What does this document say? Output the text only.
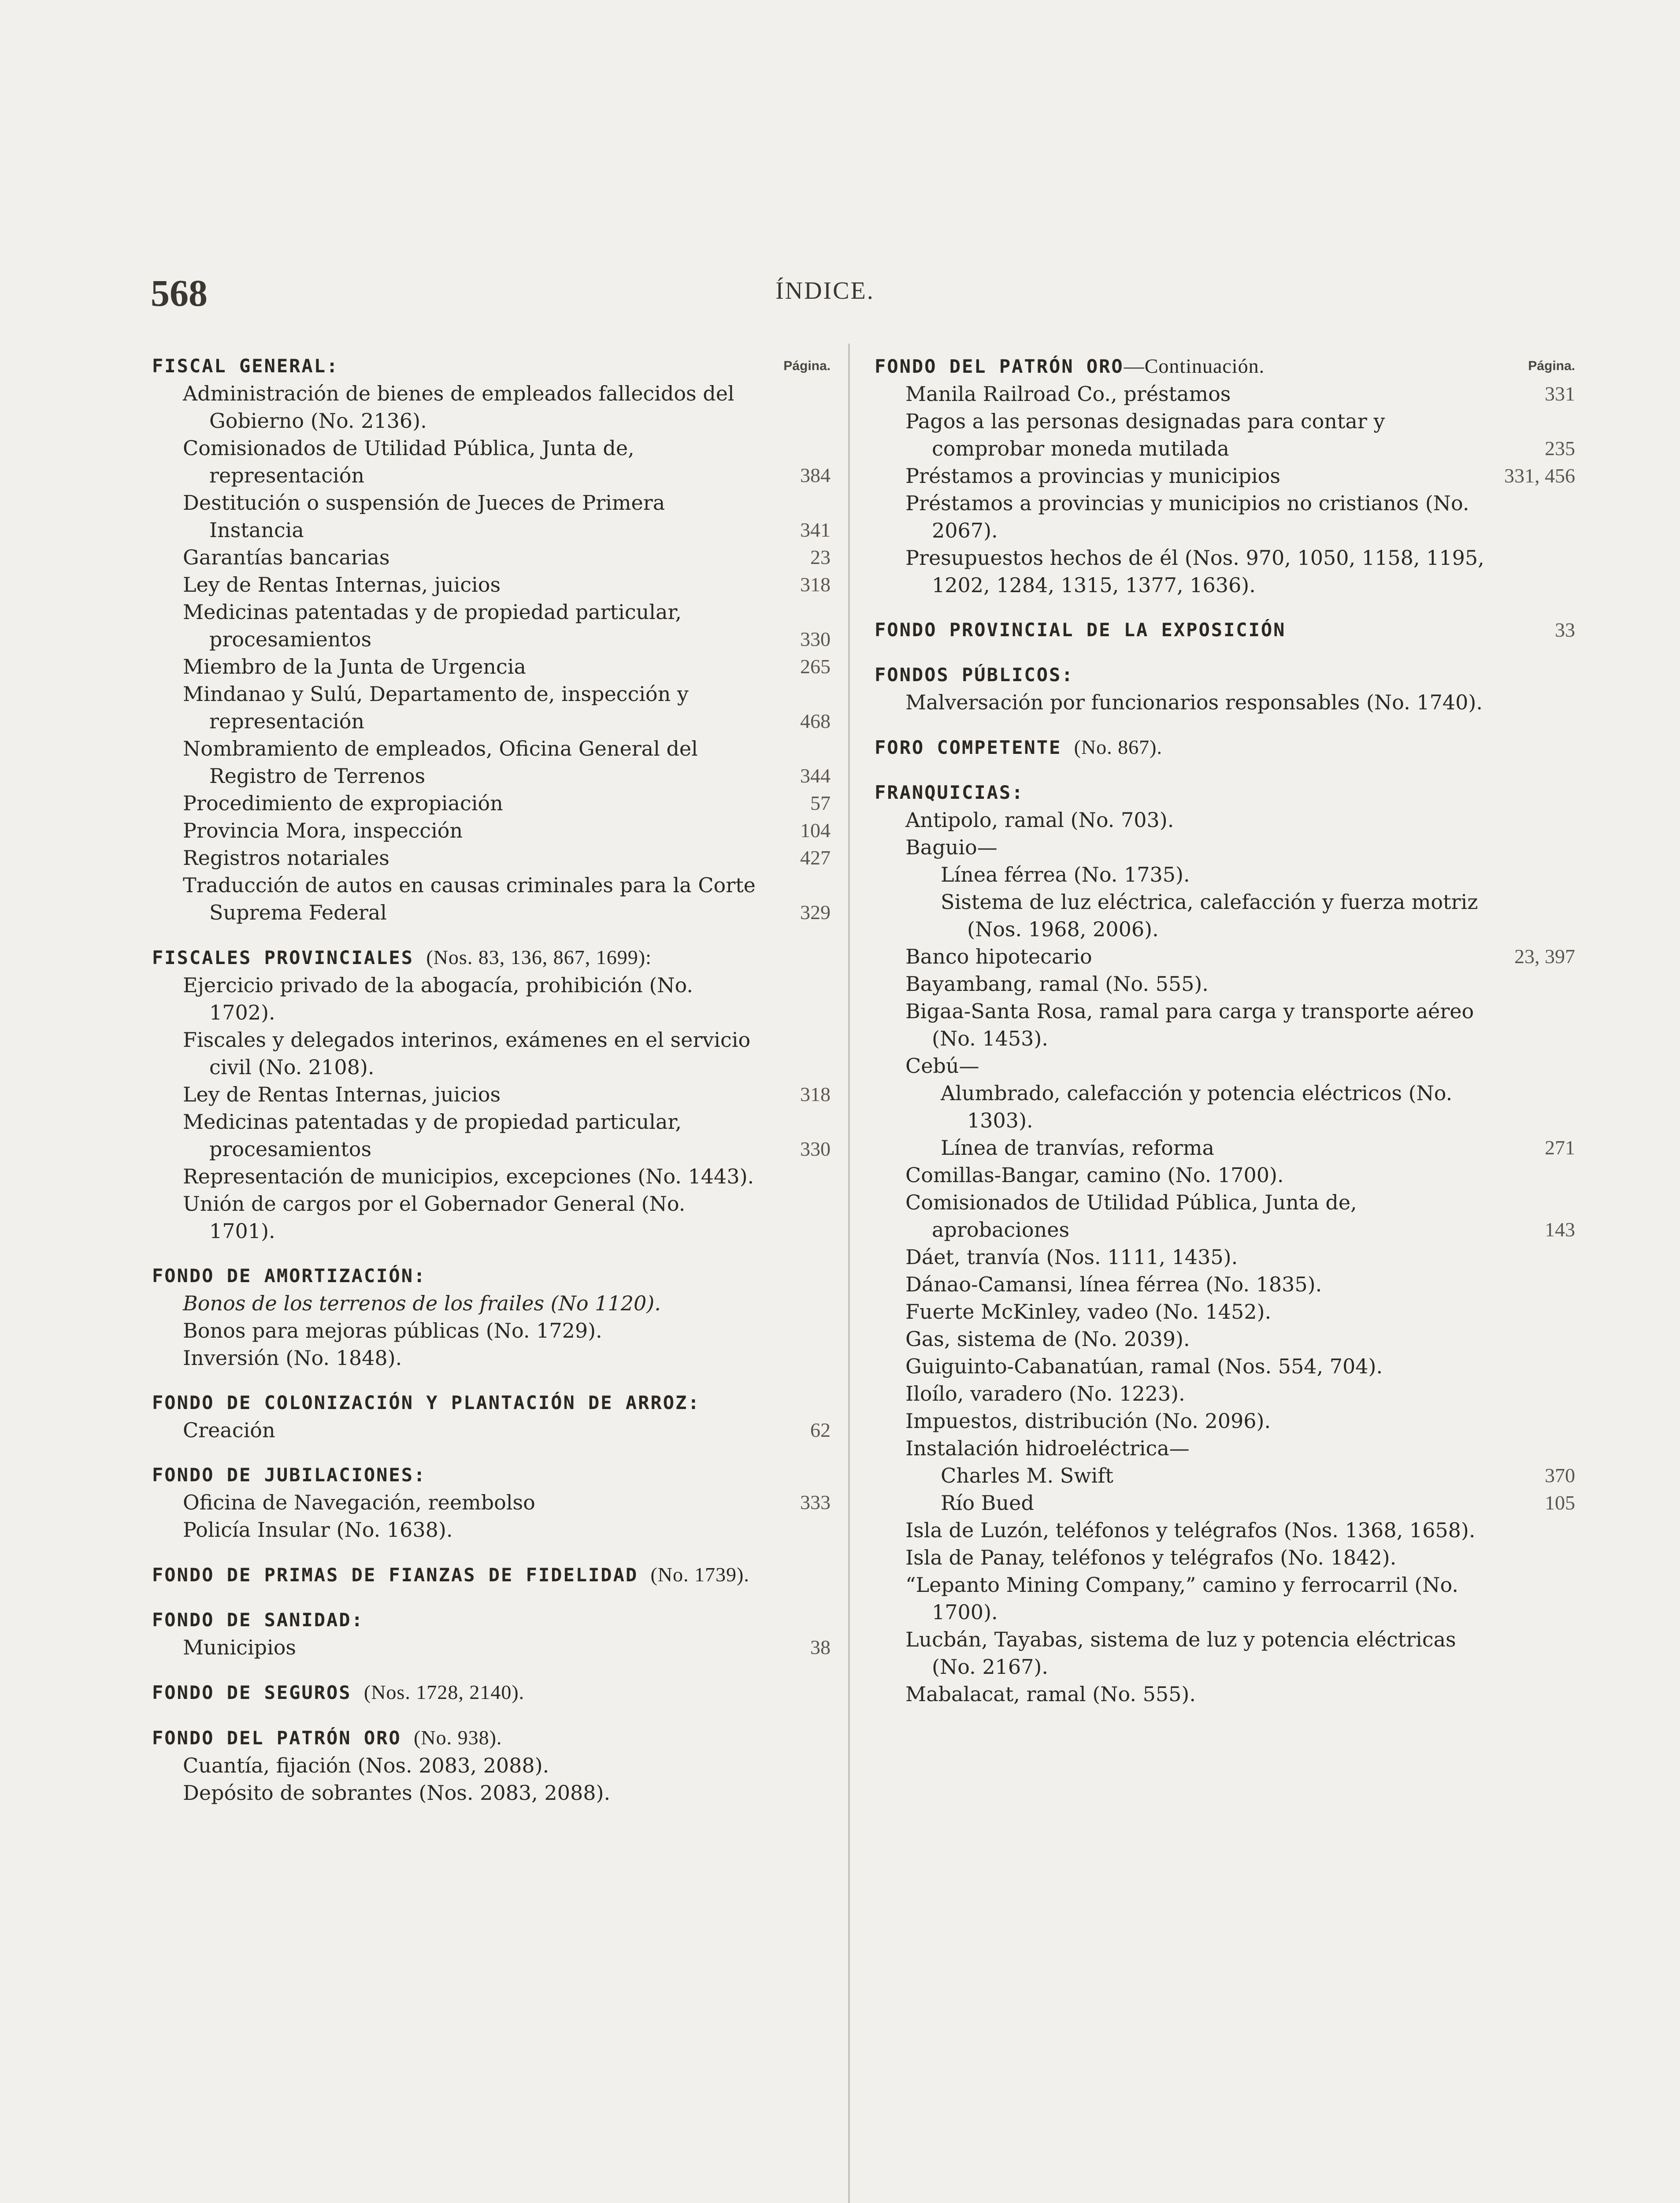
568	ÍNDICE.
Página.
FISCAL GENERAL:
Administración de bienes de empleados fallecidos del Gobierno (No. 2136).
Comisionados de Utilidad Pública, Junta de, representación	384
Destitución o suspensión de Jueces de Primera Instancia	341
Garantías bancarias	23
Ley de Rentas Internas, juicios	318
Medicinas patentadas y de propiedad particular, procesamientos	330
Miembro de la Junta de Urgencia	265
Mindanao y Sulú, Departamento de, inspección y representación	468
Nombramiento de empleados, Oficina General del Registro de Terrenos	344
Procedimiento de expropiación	57
Provincia Mora, inspección	104
Registros notariales	427
Traducción de autos en causas criminales para la Corte Suprema Federal	329
FISCALES PROVINCIALES (Nos. 83, 136, 867, 1699):
Ejercicio privado de la abogacía, prohibición (No. 1702).
Fiscales y delegados interinos, exámenes en el servicio civil (No. 2108).
Ley de Rentas Internas, juicios	318
Medicinas patentadas y de propiedad particular, procesamientos	330
Representación de municipios, excepciones (No. 1443).
Unión de cargos por el Gobernador General (No. 1701).
FONDO DE AMORTIZACIÓN:
Bonos de los terrenos de los frailes (No 1120).
Bonos para mejoras públicas (No. 1729).
Inversión (No. 1848).
FONDO DE COLONIZACIÓN Y PLANTACIÓN DE ARROZ:
Creación	62
FONDO DE JUBILACIONES:
Oficina de Navegación, reembolso	333
Policía Insular (No. 1638).
FONDO DE PRIMAS DE FIANZAS DE FIDELIDAD (No. 1739).
FONDO DE SANIDAD:
Municipios	38
FONDO DE SEGUROS (Nos. 1728, 2140).
FONDO DEL PATRÓN ORO (No. 938).
Cuantía, fijación (Nos. 2083, 2088).
Depósito de sobrantes (Nos. 2083, 2088).
Página.
FONDO DEL PATRÓN ORO—Continuación.
Manila Railroad Co., préstamos	331
Pagos a las personas designadas para contar y comprobar moneda mutilada	235
Préstamos a provincias y municipios	331, 456
Préstamos a provincias y municipios no cristianos (No. 2067).
Presupuestos hechos de él (Nos. 970, 1050, 1158, 1195, 1202, 1284, 1315, 1377, 1636).
FONDO PROVINCIAL DE LA EXPOSICIÓN	33
FONDOS PÚBLICOS:
Malversación por funcionarios responsables (No. 1740).
FORO COMPETENTE (No. 867).
FRANQUICIAS:
Antipolo, ramal (No. 703).
Baguio—
Línea férrea (No. 1735).
Sistema de luz eléctrica, calefacción y fuerza motriz (Nos. 1968, 2006).
Banco hipotecario	23, 397
Bayambang, ramal (No. 555).
Bigaa-Santa Rosa, ramal para carga y transporte aéreo (No. 1453).
Cebú—
Alumbrado, calefacción y potencia eléctricos (No. 1303).
Línea de tranvías, reforma	271
Comillas-Bangar, camino (No. 1700).
Comisionados de Utilidad Pública, Junta de, aprobaciones	143
Dáet, tranvía (Nos. 1111, 1435).
Dánao-Camansi, línea férrea (No. 1835).
Fuerte McKinley, vadeo (No. 1452).
Gas, sistema de (No. 2039).
Guiguinto-Cabanatúan, ramal (Nos. 554, 704).
Iloílo, varadero (No. 1223).
Impuestos, distribución (No. 2096).
Instalación hidroeléctrica—
Charles M. Swift	370
Río Bued	105
Isla de Luzón, teléfonos y telégrafos (Nos. 1368, 1658).
Isla de Panay, teléfonos y telégrafos (No. 1842).
“Lepanto Mining Company,” camino y ferrocarril (No. 1700).
Lucbán, Tayabas, sistema de luz y potencia eléctricas (No. 2167).
Mabalacat, ramal (No. 555).
